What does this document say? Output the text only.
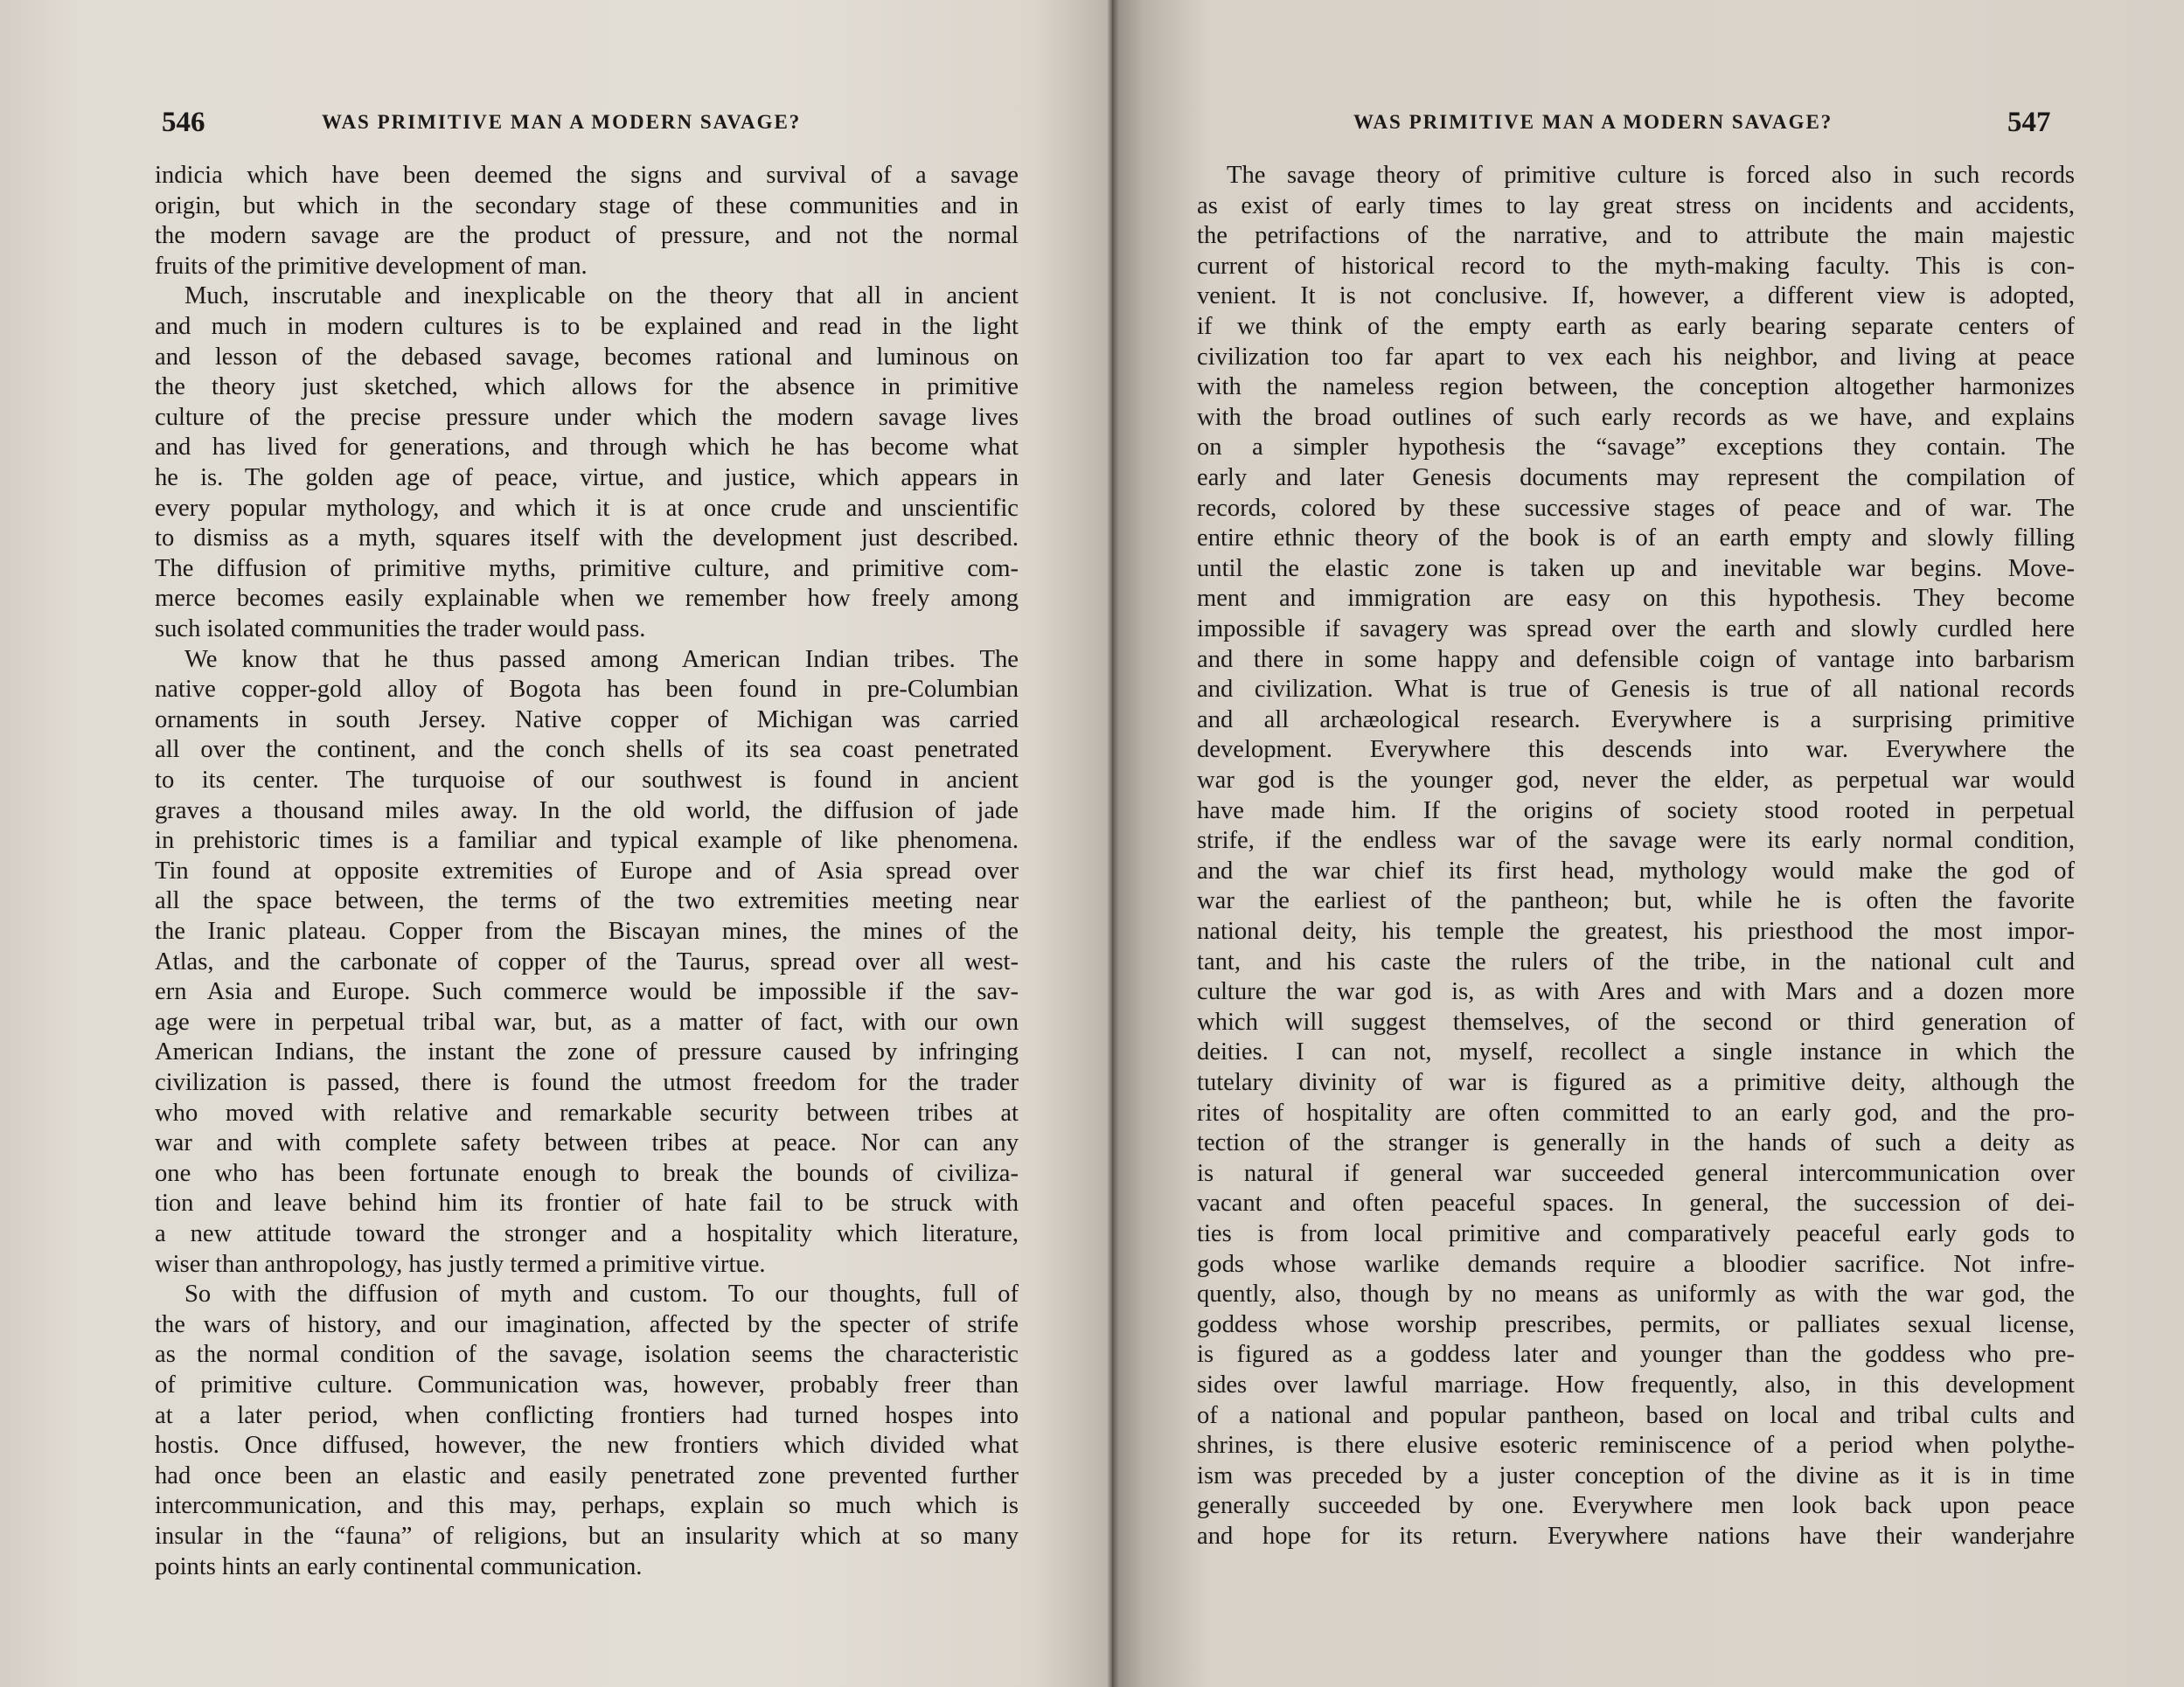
546	WAS PRIMITIVE MAN A MODERN SAVAGE?
indicia which have been deemed the signs and survival of a savage
origin, but which in the secondary stage of these communities and in
the modern savage are the product of pressure, and not the normal
fruits of the primitive development of man.
Much, inscrutable and inexplicable on the theory that all in ancient
and much in modern cultures is to be explained and read in the light
and lesson of the debased savage, becomes rational and luminous on
the theory just sketched, which allows for the absence in primitive
culture of the precise pressure under which the modern savage lives
and has lived for generations, and through which he has become what
he is. The golden age of peace, virtue, and justice, which appears in
every popular mythology, and which it is at once crude and unscientific
to dismiss as a myth, squares itself with the development just described.
The diffusion of primitive myths, primitive culture, and primitive com-
merce becomes easily explainable when we remember how freely among
such isolated communities the trader would pass.
We know that he thus passed among American Indian tribes. The
native copper-gold alloy of Bogota has been found in pre-Columbian
ornaments in south Jersey. Native copper of Michigan was carried
all over the continent, and the conch shells of its sea coast penetrated
to its center. The turquoise of our southwest is found in ancient
graves a thousand miles away. In the old world, the diffusion of jade
in prehistoric times is a familiar and typical example of like phenomena.
Tin found at opposite extremities of Europe and of Asia spread over
all the space between, the terms of the two extremities meeting near
the Iranic plateau. Copper from the Biscayan mines, the mines of the
Atlas, and the carbonate of copper of the Taurus, spread over all west-
ern Asia and Europe. Such commerce would be impossible if the sav-
age were in perpetual tribal war, but, as a matter of fact, with our own
American Indians, the instant the zone of pressure caused by infringing
civilization is passed, there is found the utmost freedom for the trader
who moved with relative and remarkable security between tribes at
war and with complete safety between tribes at peace. Nor can any
one who has been fortunate enough to break the bounds of civiliza-
tion and leave behind him its frontier of hate fail to be struck with
a new attitude toward the stronger and a hospitality which literature,
wiser than anthropology, has justly termed a primitive virtue.
So with the diffusion of myth and custom. To our thoughts, full of
the wars of history, and our imagination, affected by the specter of strife
as the normal condition of the savage, isolation seems the characteristic
of primitive culture. Communication was, however, probably freer than
at a later period, when conflicting frontiers had turned hospes into
hostis. Once diffused, however, the new frontiers which divided what
had once been an elastic and easily penetrated zone prevented further
intercommunication, and this may, perhaps, explain so much which is
insular in the “fauna” of religions, but an insularity which at so many
points hints an early continental communication.
WAS PRIMITIVE MAN A MODERN SAVAGE?	547
The savage theory of primitive culture is forced also in such records
as exist of early times to lay great stress on incidents and accidents,
the petrifactions of the narrative, and to attribute the main majestic
current of historical record to the myth-making faculty. This is con-
venient. It is not conclusive. If, however, a different view is adopted,
if we think of the empty earth as early bearing separate centers of
civilization too far apart to vex each his neighbor, and living at peace
with the nameless region between, the conception altogether harmonizes
with the broad outlines of such early records as we have, and explains
on a simpler hypothesis the “savage” exceptions they contain. The
early and later Genesis documents may represent the compilation of
records, colored by these successive stages of peace and of war. The
entire ethnic theory of the book is of an earth empty and slowly filling
until the elastic zone is taken up and inevitable war begins. Move-
ment and immigration are easy on this hypothesis. They become
impossible if savagery was spread over the earth and slowly curdled here
and there in some happy and defensible coign of vantage into barbarism
and civilization. What is true of Genesis is true of all national records
and all archæological research. Everywhere is a surprising primitive
development. Everywhere this descends into war. Everywhere the
war god is the younger god, never the elder, as perpetual war would
have made him. If the origins of society stood rooted in perpetual
strife, if the endless war of the savage were its early normal condition,
and the war chief its first head, mythology would make the god of
war the earliest of the pantheon; but, while he is often the favorite
national deity, his temple the greatest, his priesthood the most impor-
tant, and his caste the rulers of the tribe, in the national cult and
culture the war god is, as with Ares and with Mars and a dozen more
which will suggest themselves, of the second or third generation of
deities. I can not, myself, recollect a single instance in which the
tutelary divinity of war is figured as a primitive deity, although the
rites of hospitality are often committed to an early god, and the pro-
tection of the stranger is generally in the hands of such a deity as
is natural if general war succeeded general intercommunication over
vacant and often peaceful spaces. In general, the succession of dei-
ties is from local primitive and comparatively peaceful early gods to
gods whose warlike demands require a bloodier sacrifice. Not infre-
quently, also, though by no means as uniformly as with the war god, the
goddess whose worship prescribes, permits, or palliates sexual license,
is figured as a goddess later and younger than the goddess who pre-
sides over lawful marriage. How frequently, also, in this development
of a national and popular pantheon, based on local and tribal cults and
shrines, is there elusive esoteric reminiscence of a period when polythe-
ism was preceded by a juster conception of the divine as it is in time
generally succeeded by one. Everywhere men look back upon peace
and hope for its return. Everywhere nations have their wanderjahre
